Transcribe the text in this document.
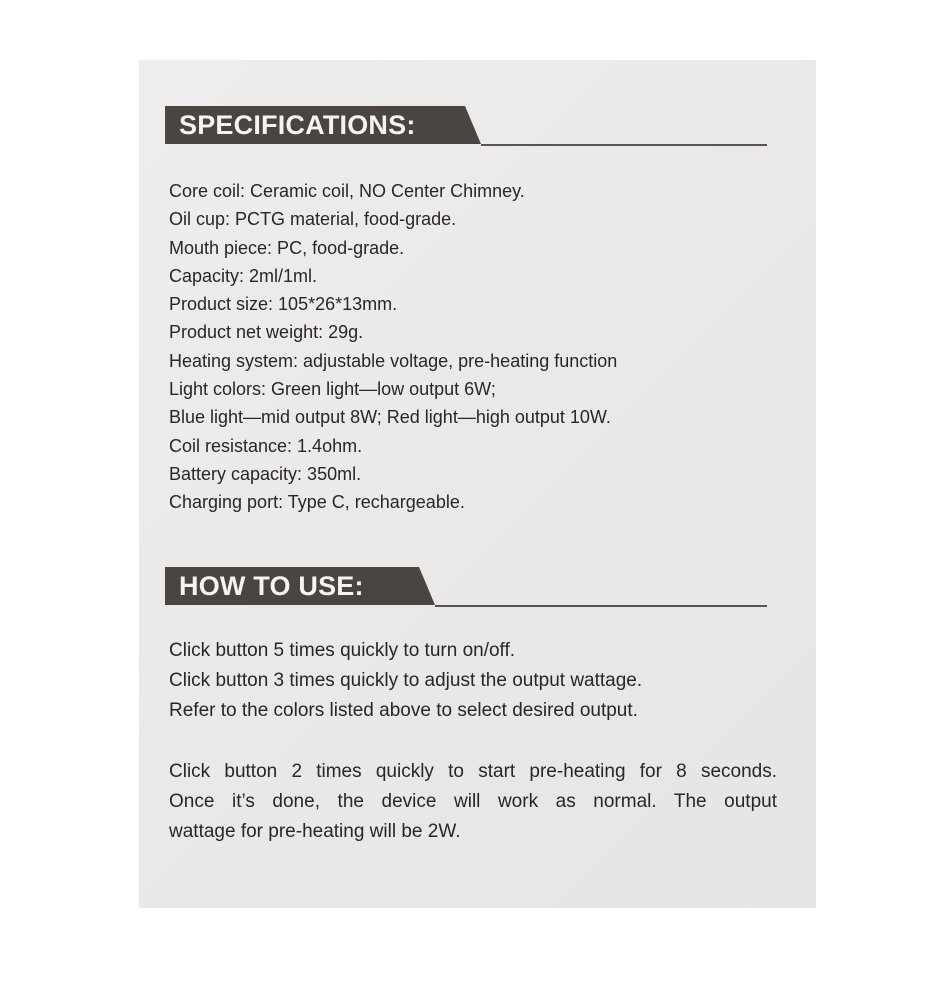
SPECIFICATIONS:
Core coil: Ceramic coil, NO Center Chimney.
Oil cup: PCTG material, food-grade.
Mouth piece: PC, food-grade.
Capacity: 2ml/1ml.
Product size: 105*26*13mm.
Product net weight: 29g.
Heating system: adjustable voltage, pre-heating function
Light colors: Green light—low output 6W;
Blue light—mid output 8W; Red light—high output 10W.
Coil resistance: 1.4ohm.
Battery capacity: 350ml.
Charging port: Type C, rechargeable.
HOW TO USE:

Click button 5 times quickly to turn on/off.

Click button 3 times quickly to adjust the output wattage.

Refer to the colors listed above to select desired output.

Click button 2 times quickly to start pre-heating for 8 seconds.

Once it’s done, the device will work as normal. The output

wattage for pre-heating will be 2W.
